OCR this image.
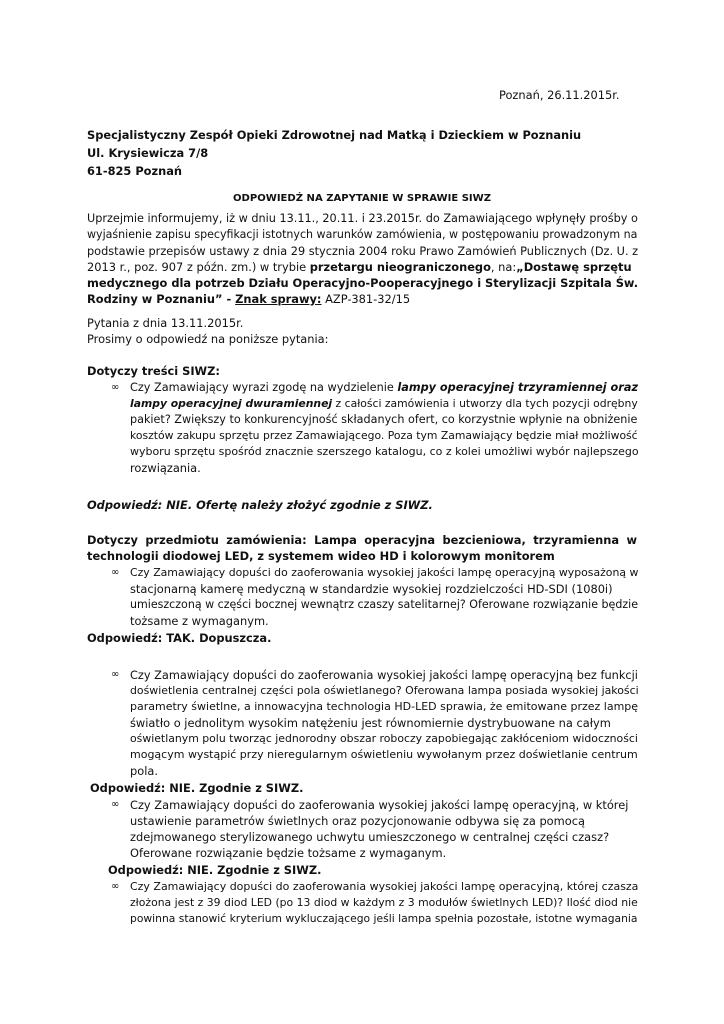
Poznań, 26.11.2015r.
Specjalistyczny Zespół Opieki Zdrowotnej nad Matką i Dzieckiem w Poznaniu
Ul. Krysiewicza 7/8
61-825 Poznań
ODPOWIEDŹ NA ZAPYTANIE W SPRAWIE SIWZ
Uprzejmie informujemy, iż w dniu 13.11., 20.11. i 23.2015r. do Zamawiającego wpłynęły prośby o
wyjaśnienie zapisu specyfikacji istotnych warunków zamówienia, w postępowaniu prowadzonym na
podstawie przepisów ustawy z dnia 29 stycznia 2004 roku Prawo Zamówień Publicznych (Dz. U. z
2013 r., poz. 907 z późn. zm.) w trybie przetargu nieograniczonego, na:„Dostawę sprzętu
medycznego dla potrzeb Działu Operacyjno-Pooperacyjnego i Sterylizacji Szpitala Św.
Rodziny w Poznaniu” - Znak sprawy: AZP-381-32/15
Pytania z dnia 13.11.2015r.
Prosimy o odpowiedź na poniższe pytania:
Dotyczy treści SIWZ:
∞ Czy Zamawiający wyrazi zgodę na wydzielenie lampy operacyjnej trzyramiennej oraz
lampy operacyjnej dwuramiennej z całości zamówienia i utworzy dla tych pozycji odrębny
pakiet? Zwiększy to konkurencyjność składanych ofert, co korzystnie wpłynie na obniżenie
kosztów zakupu sprzętu przez Zamawiającego. Poza tym Zamawiający będzie miał możliwość
wyboru sprzętu spośród znacznie szerszego katalogu, co z kolei umożliwi wybór najlepszego
rozwiązania.
Odpowiedź: NIE. Ofertę należy złożyć zgodnie z SIWZ.
Dotyczy przedmiotu zamówienia: Lampa operacyjna bezcieniowa, trzyramienna w
technologii diodowej LED, z systemem wideo HD i kolorowym monitorem
∞ Czy Zamawiający dopuści do zaoferowania wysokiej jakości lampę operacyjną wyposażoną w
stacjonarną kamerę medyczną w standardzie wysokiej rozdzielczości HD-SDI (1080i)
umieszczoną w części bocznej wewnątrz czaszy satelitarnej? Oferowane rozwiązanie będzie
tożsame z wymaganym.
Odpowiedź: TAK. Dopuszcza.
∞ Czy Zamawiający dopuści do zaoferowania wysokiej jakości lampę operacyjną bez funkcji
doświetlenia centralnej części pola oświetlanego? Oferowana lampa posiada wysokiej jakości
parametry świetlne, a innowacyjna technologia HD-LED sprawia, że emitowane przez lampę
światło o jednolitym wysokim natężeniu jest równomiernie dystrybuowane na całym
oświetlanym polu tworząc jednorodny obszar roboczy zapobiegając zakłóceniom widoczności
mogącym wystąpić przy nieregularnym oświetleniu wywołanym przez doświetlanie centrum
pola.
Odpowiedź: NIE. Zgodnie z SIWZ.
∞ Czy Zamawiający dopuści do zaoferowania wysokiej jakości lampę operacyjną, w której
ustawienie parametrów świetlnych oraz pozycjonowanie odbywa się za pomocą
zdejmowanego sterylizowanego uchwytu umieszczonego w centralnej części czasz?
Oferowane rozwiązanie będzie tożsame z wymaganym.
Odpowiedź: NIE. Zgodnie z SIWZ.
∞ Czy Zamawiający dopuści do zaoferowania wysokiej jakości lampę operacyjną, której czasza
złożona jest z 39 diod LED (po 13 diod w każdym z 3 modułów świetlnych LED)? Ilość diod nie
powinna stanowić kryterium wykluczającego jeśli lampa spełnia pozostałe, istotne wymagania
